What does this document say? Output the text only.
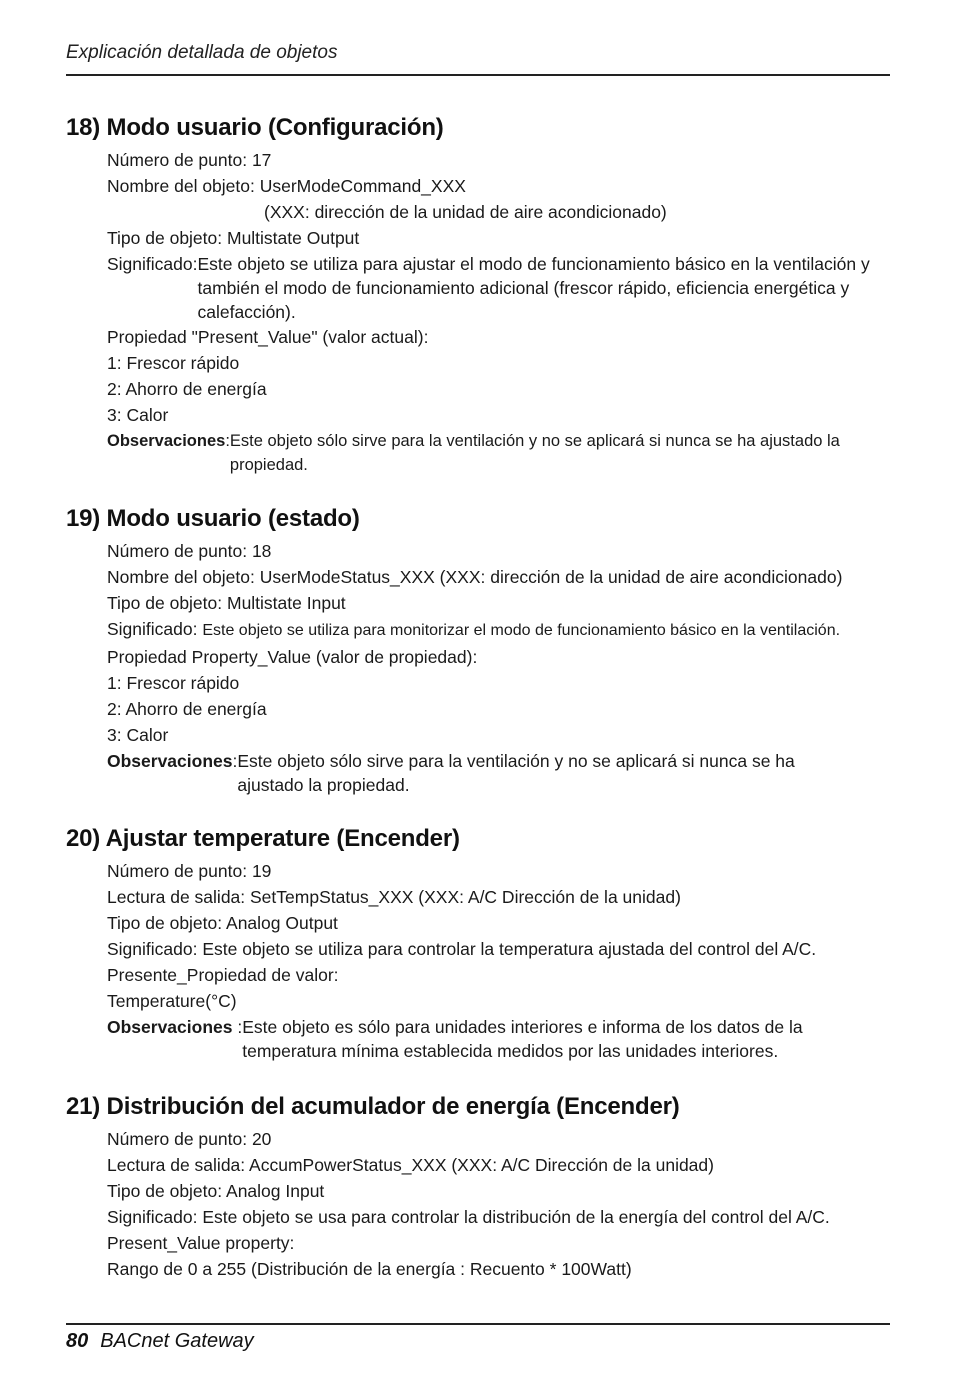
Explicación detallada de objetos
18) Modo usuario (Configuración)
Número de punto: 17
Nombre del objeto: UserModeCommand_XXX
(XXX: dirección de la unidad de aire acondicionado)
Tipo de objeto: Multistate Output
Significado: Este objeto se utiliza para ajustar el modo de funcionamiento básico en la ventilación y también el modo de funcionamiento adicional (frescor rápido, eficiencia energética y calefacción).
Propiedad "Present_Value" (valor actual):
1: Frescor rápido
2: Ahorro de energía
3: Calor
Observaciones: Este objeto sólo sirve para la ventilación y no se aplicará si nunca se ha ajustado la propiedad.
19) Modo usuario (estado)
Número de punto: 18
Nombre del objeto: UserModeStatus_XXX (XXX: dirección de la unidad de aire acondicionado)
Tipo de objeto: Multistate Input
Significado: Este objeto se utiliza para monitorizar el modo de funcionamiento básico en la ventilación.
Propiedad Property_Value (valor de propiedad):
1: Frescor rápido
2: Ahorro de energía
3: Calor
Observaciones: Este objeto sólo sirve para la ventilación y no se aplicará si nunca se ha ajustado la propiedad.
20) Ajustar temperature (Encender)
Número de punto: 19
Lectura de salida: SetTempStatus_XXX (XXX: A/C Dirección de la unidad)
Tipo de objeto: Analog Output
Significado: Este objeto se utiliza para controlar la temperatura ajustada del control del A/C.
Presente_Propiedad de valor:
Temperature(°C)
Observaciones : Este objeto es sólo para unidades interiores e informa de los datos de la temperatura mínima establecida medidos por las unidades interiores.
21) Distribución del acumulador de energía (Encender)
Número de punto: 20
Lectura de salida: AccumPowerStatus_XXX (XXX: A/C Dirección de la unidad)
Tipo de objeto: Analog Input
Significado: Este objeto se usa para controlar la distribución de la energía del control del A/C.
Present_Value property:
Rango de 0 a 255 (Distribución de la energía : Recuento * 100Watt)
80 BACnet Gateway
